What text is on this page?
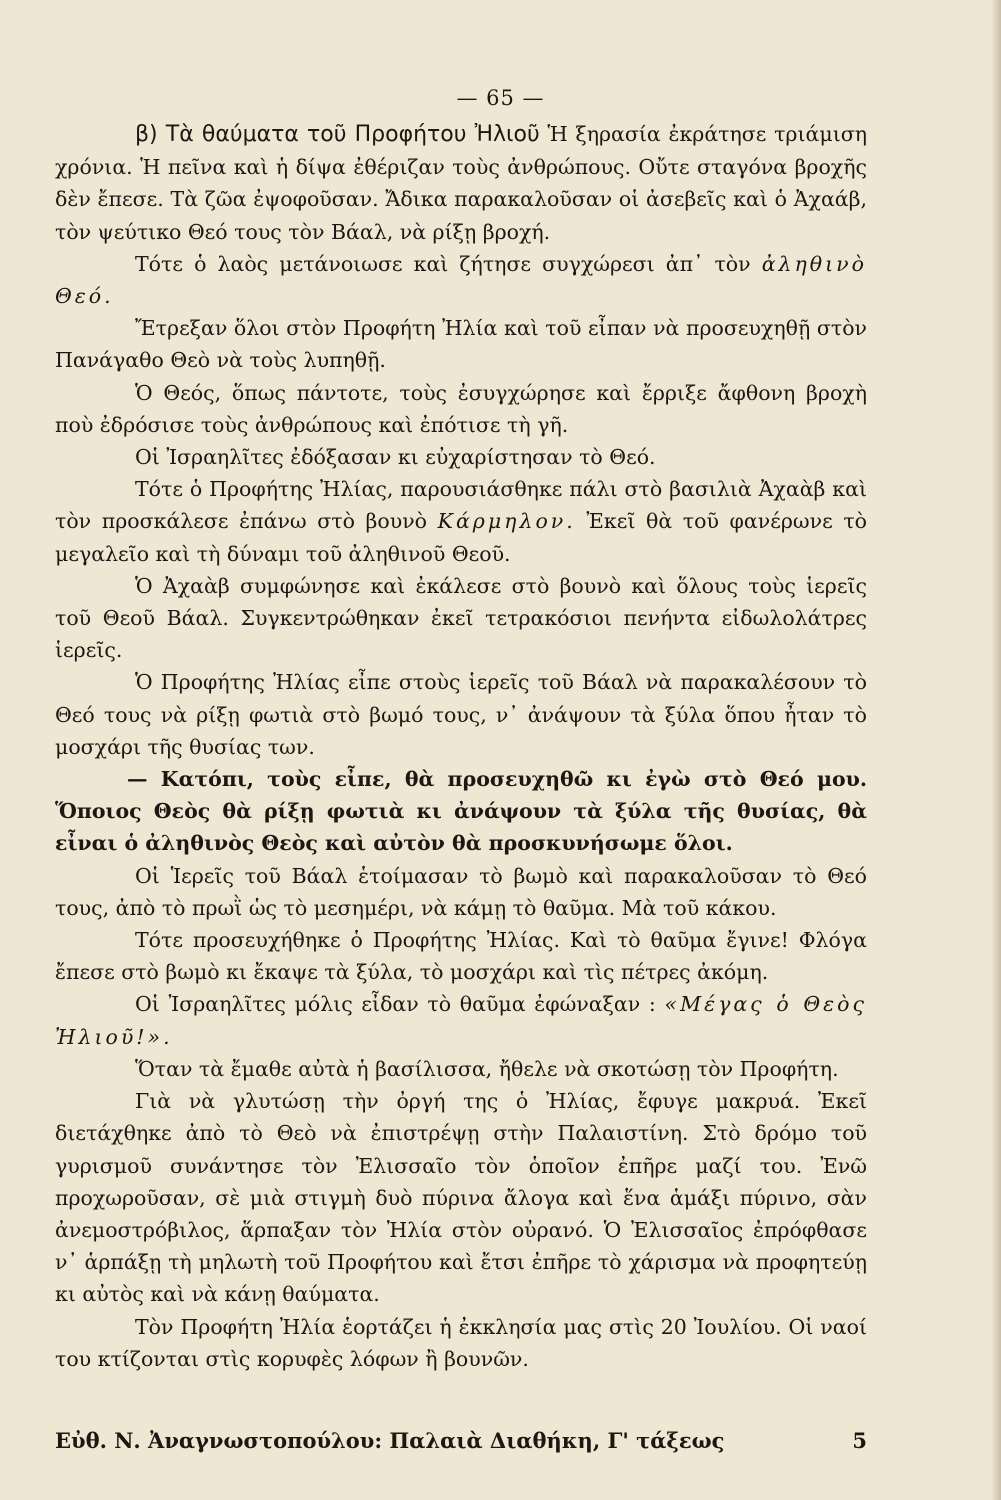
— 65 —

β) Τὰ θαύματα τοῦ Προφήτου Ἠλιοῦ Ἡ ξηρασία ἐκράτησε τριάμιση χρόνια. Ἡ πεῖνα καὶ ἡ δίψα ἐθέριζαν τοὺς ἀνθρώπους. Οὔτε σταγόνα βροχῆς δὲν ἔπεσε. Τὰ ζῶα ἐψοφοῦσαν. Ἄδικα παρακαλοῦσαν οἱ ἀσεβεῖς καὶ ὁ Ἀχαάβ, τὸν ψεύτικο Θεό τους τὸν Βάαλ, νὰ ρίξῃ βροχή.

Τότε ὁ λαὸς μετάνοιωσε καὶ ζήτησε συγχώρεσι ἀπ᾿ τὸν ἀληθινὸ Θεό.

Ἔτρεξαν ὅλοι στὸν Προφήτη Ἠλία καὶ τοῦ εἶπαν νὰ προσευχηθῇ στὸν Πανάγαθο Θεὸ νὰ τοὺς λυπηθῇ.

Ὁ Θεός, ὅπως πάντοτε, τοὺς ἐσυγχώρησε καὶ ἔρριξε ἄφθονη βροχὴ ποὺ ἐδρόσισε τοὺς ἀνθρώπους καὶ ἐπότισε τὴ γῆ.

Οἱ Ἰσραηλῖτες ἐδόξασαν κι εὐχαρίστησαν τὸ Θεό.

Τότε ὁ Προφήτης Ἠλίας, παρουσιάσθηκε πάλι στὸ βασιλιὰ Ἀχαὰβ καὶ τὸν προσκάλεσε ἐπάνω στὸ βουνὸ Κάρμηλον. Ἐκεῖ θὰ τοῦ φανέρωνε τὸ μεγαλεῖο καὶ τὴ δύναμι τοῦ ἀληθινοῦ Θεοῦ.

Ὁ Ἀχαὰβ συμφώνησε καὶ ἐκάλεσε στὸ βουνὸ καὶ ὅλους τοὺς ἱερεῖς τοῦ Θεοῦ Βάαλ. Συγκεντρώθηκαν ἐκεῖ τετρακόσιοι πενήντα εἰδωλολάτρες ἱερεῖς.

Ὁ Προφήτης Ἠλίας εἶπε στοὺς ἱερεῖς τοῦ Βάαλ νὰ παρακαλέσουν τὸ Θεό τους νὰ ρίξῃ φωτιὰ στὸ βωμό τους, ν᾿ ἀνάψουν τὰ ξύλα ὅπου ἦταν τὸ μοσχάρι τῆς θυσίας των.

— Κατόπι, τοὺς εἶπε, θὰ προσευχηθῶ κι ἐγὼ στὸ Θεό μου. Ὅποιος Θεὸς θὰ ρίξῃ φωτιὰ κι ἀνάψουν τὰ ξύλα τῆς θυσίας, θὰ εἶναι ὁ ἀληθινὸς Θεὸς καὶ αὐτὸν θὰ προσκυνήσωμε ὅλοι.

Οἱ Ἱερεῖς τοῦ Βάαλ ἑτοίμασαν τὸ βωμὸ καὶ παρακαλοῦσαν τὸ Θεό τους, ἀπὸ τὸ πρωῒ ὡς τὸ μεσημέρι, νὰ κάμῃ τὸ θαῦμα. Μὰ τοῦ κάκου.

Τότε προσευχήθηκε ὁ Προφήτης Ἠλίας. Καὶ τὸ θαῦμα ἔγινε! Φλόγα ἔπεσε στὸ βωμὸ κι ἔκαψε τὰ ξύλα, τὸ μοσχάρι καὶ τὶς πέτρες ἀκόμη.

Οἱ Ἰσραηλῖτες μόλις εἶδαν τὸ θαῦμα ἐφώναξαν : «Μέγας ὁ Θεὸς Ἠλιοῦ!».

Ὅταν τὰ ἔμαθε αὐτὰ ἡ βασίλισσα, ἤθελε νὰ σκοτώσῃ τὸν Προφήτη.

Γιὰ νὰ γλυτώσῃ τὴν ὀργή της ὁ Ἠλίας, ἔφυγε μακρυά. Ἐκεῖ διετάχθηκε ἀπὸ τὸ Θεὸ νὰ ἐπιστρέψῃ στὴν Παλαιστίνη. Στὸ δρόμο τοῦ γυρισμοῦ συνάντησε τὸν Ἐλισσαῖο τὸν ὁποῖον ἐπῆρε μαζί του. Ἐνῶ προχωροῦσαν, σὲ μιὰ στιγμὴ δυὸ πύρινα ἄλογα καὶ ἕνα ἁμάξι πύρινο, σὰν ἀνεμοστρόβιλος, ἅρπαξαν τὸν Ἠλία στὸν οὐρανό. Ὁ Ἐλισσαῖος ἐπρόφθασε ν᾿ ἁρπάξῃ τὴ μηλωτὴ τοῦ Προφήτου καὶ ἔτσι ἐπῆρε τὸ χάρισμα νὰ προφητεύῃ κι αὐτὸς καὶ νὰ κάνῃ θαύματα.

Τὸν Προφήτη Ἠλία ἑορτάζει ἡ ἐκκλησία μας στὶς 20 Ἰουλίου. Οἱ ναοί του κτίζονται στὶς κορυφὲς λόφων ἢ βουνῶν.

Εὐθ. Ν. Ἀναγνωστοπούλου: Παλαιὰ Διαθήκη, Γ' τάξεως	5
